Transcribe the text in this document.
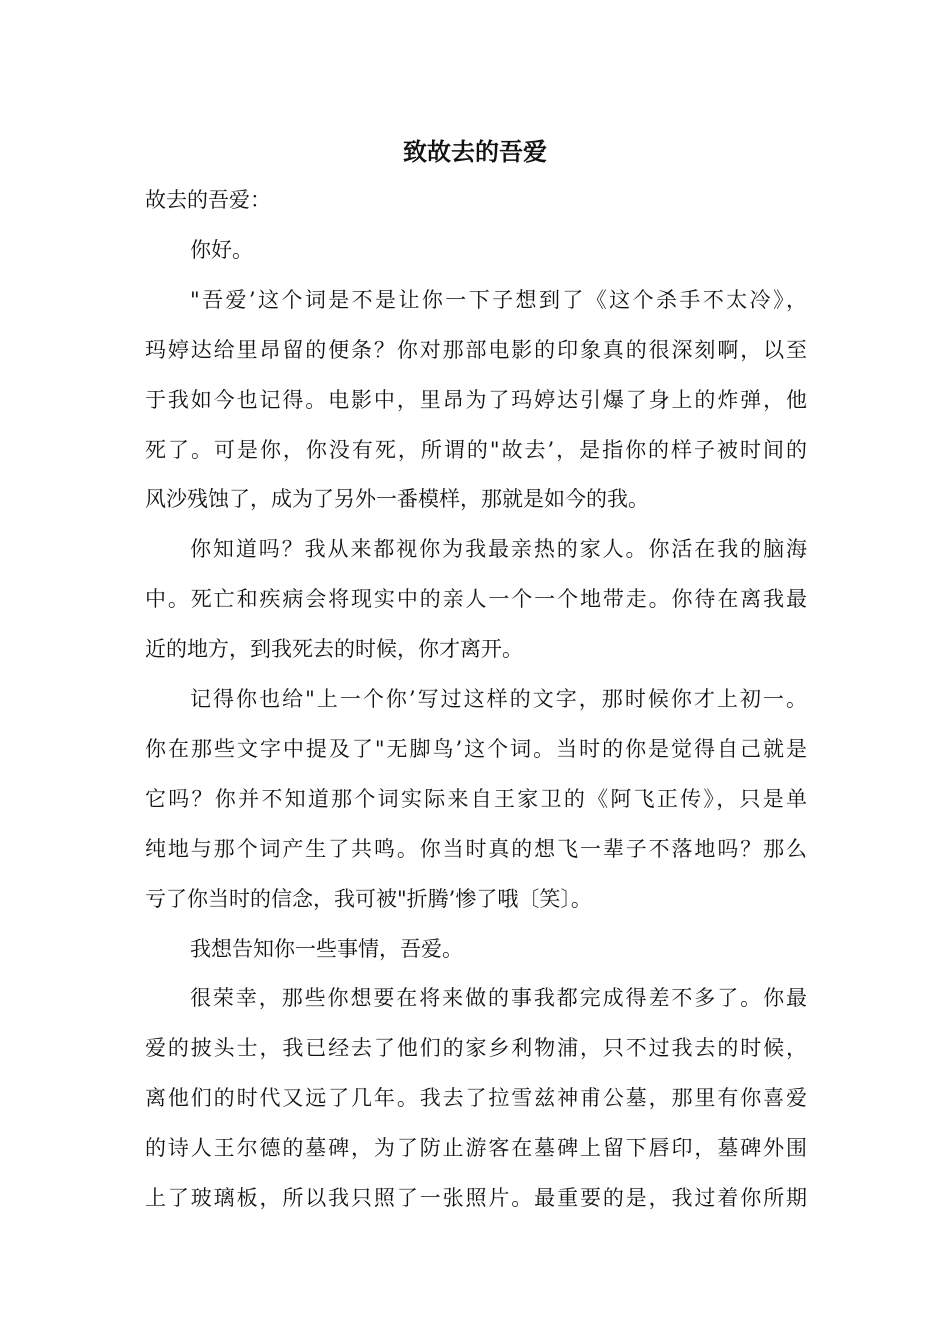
致故去的吾爱
故去的吾爱：
你好。
"吾爱’这个词是不是让你一下子想到了《这个杀手不太冷》，
玛婷达给里昂留的便条？你对那部电影的印象真的很深刻啊，以至
于我如今也记得。电影中，里昂为了玛婷达引爆了身上的炸弹，他
死了。可是你，你没有死，所谓的"故去’，是指你的样子被时间的
风沙残蚀了，成为了另外一番模样，那就是如今的我。
你知道吗？我从来都视你为我最亲热的家人。你活在我的脑海
中。死亡和疾病会将现实中的亲人一个一个地带走。你待在离我最
近的地方，到我死去的时候，你才离开。
记得你也给"上一个你’写过这样的文字，那时候你才上初一。
你在那些文字中提及了"无脚鸟’这个词。当时的你是觉得自己就是
它吗？你并不知道那个词实际来自王家卫的《阿飞正传》，只是单
纯地与那个词产生了共鸣。你当时真的想飞一辈子不落地吗？那么
亏了你当时的信念，我可被"折腾’惨了哦〔笑〕。
我想告知你一些事情，吾爱。
很荣幸，那些你想要在将来做的事我都完成得差不多了。你最
爱的披头士，我已经去了他们的家乡利物浦，只不过我去的时候，
离他们的时代又远了几年。我去了拉雪兹神甫公墓，那里有你喜爱
的诗人王尔德的墓碑，为了防止游客在墓碑上留下唇印，墓碑外围
上了玻璃板，所以我只照了一张照片。最重要的是，我过着你所期
